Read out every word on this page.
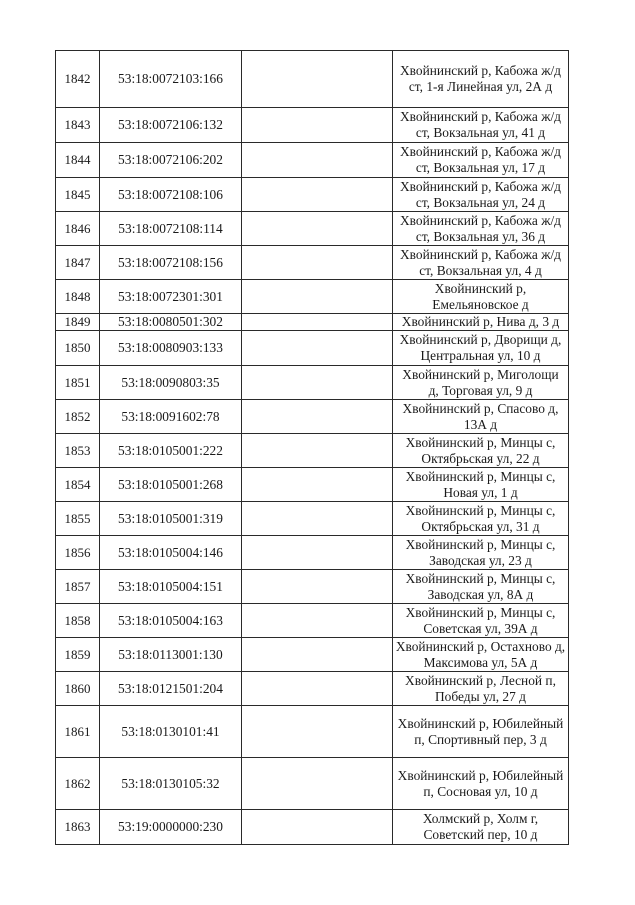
1842	53:18:0072103:166		Хвойнинский р, Кабожа ж/д
ст, 1-я Линейная ул, 2А д
1843	53:18:0072106:132		Хвойнинский р, Кабожа ж/д
ст, Вокзальная ул, 41 д
1844	53:18:0072106:202		Хвойнинский р, Кабожа ж/д
ст, Вокзальная ул, 17 д
1845	53:18:0072108:106		Хвойнинский р, Кабожа ж/д
ст, Вокзальная ул, 24 д
1846	53:18:0072108:114		Хвойнинский р, Кабожа ж/д
ст, Вокзальная ул, 36 д
1847	53:18:0072108:156		Хвойнинский р, Кабожа ж/д
ст, Вокзальная ул, 4 д
1848	53:18:0072301:301		Хвойнинский р,
Емельяновское д
1849	53:18:0080501:302		Хвойнинский р, Нива д, 3 д
1850	53:18:0080903:133		Хвойнинский р, Дворищи д,
Центральная ул, 10 д
1851	53:18:0090803:35		Хвойнинский р, Миголощи
д, Торговая ул, 9 д
1852	53:18:0091602:78		Хвойнинский р, Спасово д,
13А д
1853	53:18:0105001:222		Хвойнинский р, Минцы с,
Октябрьская ул, 22 д
1854	53:18:0105001:268		Хвойнинский р, Минцы с,
Новая ул, 1 д
1855	53:18:0105001:319		Хвойнинский р, Минцы с,
Октябрьская ул, 31 д
1856	53:18:0105004:146		Хвойнинский р, Минцы с,
Заводская ул, 23 д
1857	53:18:0105004:151		Хвойнинский р, Минцы с,
Заводская ул, 8А д
1858	53:18:0105004:163		Хвойнинский р, Минцы с,
Советская ул, 39А д
1859	53:18:0113001:130		Хвойнинский р, Остахново д,
Максимова ул, 5А д
1860	53:18:0121501:204		Хвойнинский р, Лесной п,
Победы ул, 27 д
1861	53:18:0130101:41		Хвойнинский р, Юбилейный
п, Спортивный пер, 3 д
1862	53:18:0130105:32		Хвойнинский р, Юбилейный
п, Сосновая ул, 10 д
1863	53:19:0000000:230		Холмский р, Холм г,
Советский пер, 10 д
